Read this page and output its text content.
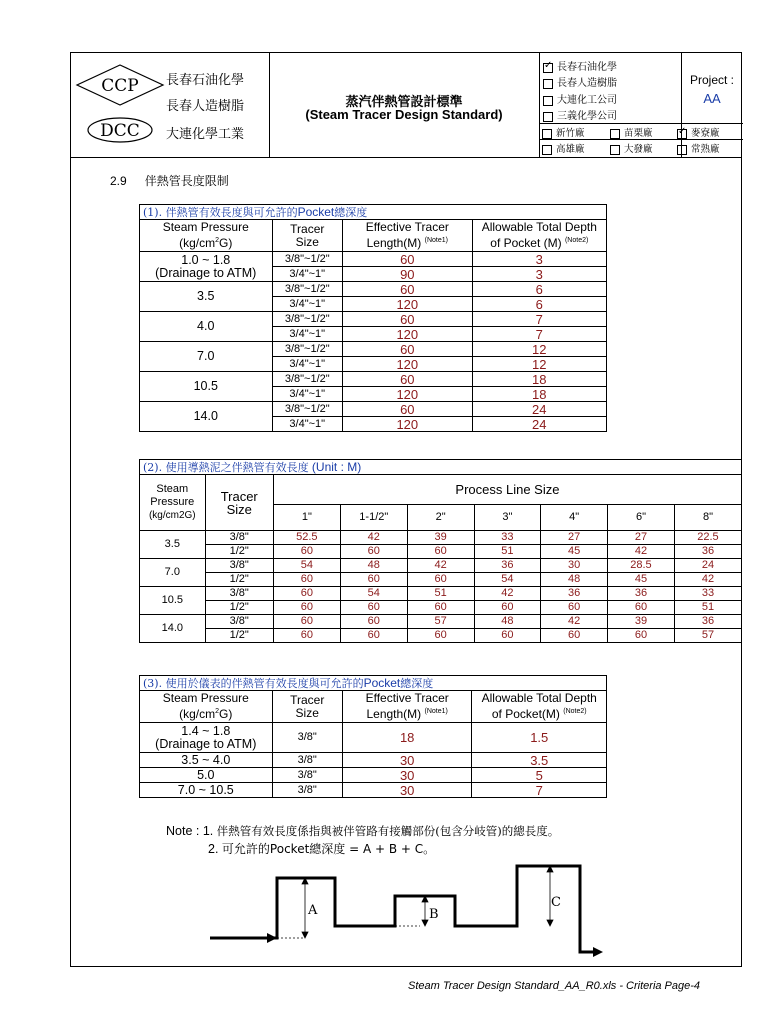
CCP
DCC
長春石油化學
長春人造樹脂
大連化學工業
蒸汽伴熱管設計標準
(Steam Tracer Design Standard)
✓長春石油化學
長春人造樹脂
大連化工公司
三義化學公司
新竹廠	苗栗廠
高雄廠	大發廠
✓麥寮廠
常熟廠
Project :
AA
2.9 伴熱管長度限制
(1). 伴熱管有效長度與可允許的Pocket總深度			
Steam Pressure
$(kg/cm^2G)$	Tracer
Size	Effective Tracer
Length(M) $^{(Note1)}$	Allowable Total Depth
of Pocket (M) $^{(Note2)}$
1.0 ~ 1.8
(Drainage to ATM)	3/8"~1/2"	60	3
	3/4"~1"	90	3
3.5	3/8"~1/2"	60	6
	3/4"~1"	120	6
4.0	3/8"~1/2"	60	7
	3/4"~1"	120	7
7.0	3/8"~1/2"	60	12
	3/4"~1"	120	12
10.5	3/8"~1/2"	60	18
	3/4"~1"	120	18
14.0	3/8"~1/2"	60	24
	3/4"~1"	120	24
(2). 使用導熱泥之伴熱管有效長度 (Unit : M)								
Steam
Pressure
(kg/cm2G)	Tracer
Size	Process Line Size						
		1"	1-1/2"	2"	3"	4"	6"	8"
3.5	3/8"	52.5	42	39	33	27	27	22.5
	1/2"	60	60	60	51	45	42	36
7.0	3/8"	54	48	42	36	30	28.5	24
	1/2"	60	60	60	54	48	45	42
10.5	3/8"	60	54	51	42	36	36	33
	1/2"	60	60	60	60	60	60	51
14.0	3/8"	60	60	57	48	42	39	36
	1/2"	60	60	60	60	60	60	57
(3). 使用於儀表的伴熱管有效長度與可允許的Pocket總深度			
Steam Pressure
$(kg/cm^2G)$	Tracer
Size	Effective Tracer
Length(M) $^{(Note1)}$	Allowable Total Depth
of Pocket(M) $^{(Note2)}$
1.4 ~ 1.8
(Drainage to ATM)	3/8"	18	1.5
3.5 ~ 4.0	3/8"	30	3.5
5.0	3/8"	30	5
7.0 ~ 10.5	3/8"	30	7
Note : 1. 伴熱管有效長度係指與被伴管路有接觸部份(包含分岐管)的總長度。
2. 可允許的Pocket總深度 = A + B + C。
A	B
C
Steam Tracer Design Standard_AA_R0.xls - Criteria Page-4
